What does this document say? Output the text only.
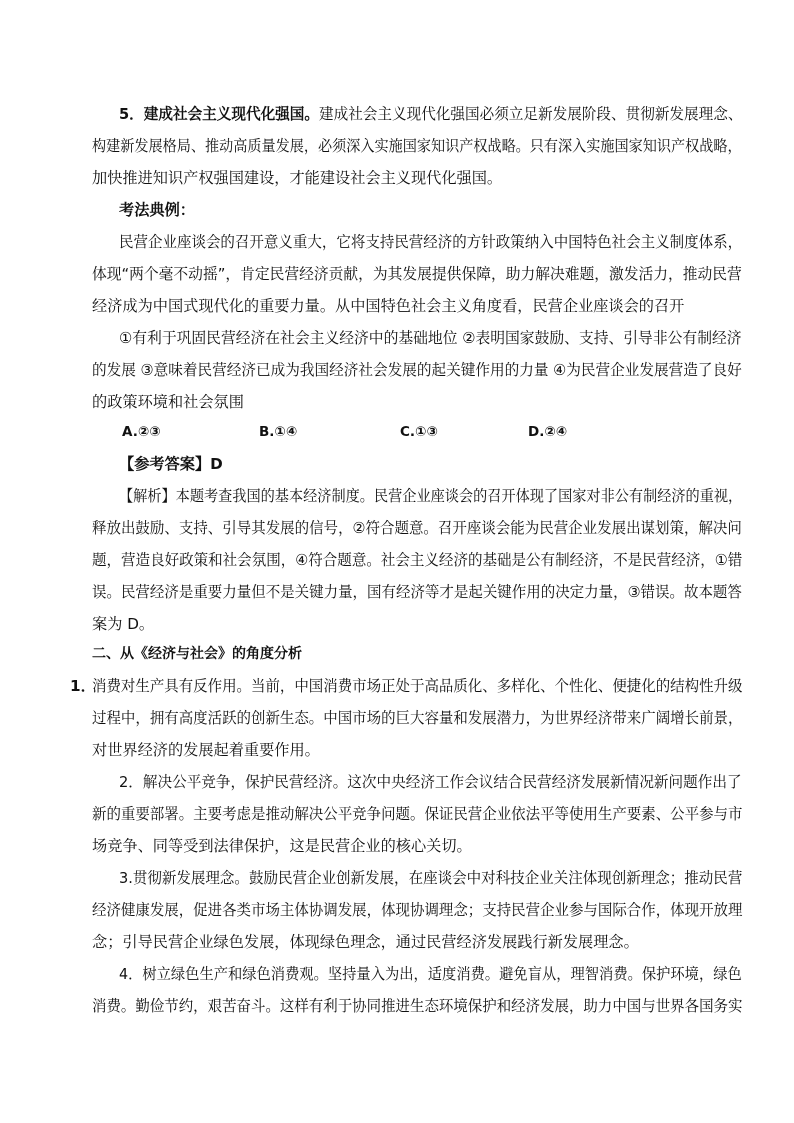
5．建成社会主义现代化强国。建成社会主义现代化强国必须立足新发展阶段、贯彻新发展理念、
构建新发展格局、推动高质量发展，必须深入实施国家知识产权战略。只有深入实施国家知识产权战略，
加快推进知识产权强国建设，才能建设社会主义现代化强国。
考法典例：
民营企业座谈会的召开意义重大，它将支持民营经济的方针政策纳入中国特色社会主义制度体系，
体现“两个毫不动摇”，肯定民营经济贡献，为其发展提供保障，助力解决难题，激发活力，推动民营
经济成为中国式现代化的重要力量。从中国特色社会主义角度看，民营企业座谈会的召开
①有利于巩固民营经济在社会主义经济中的基础地位 ②表明国家鼓励、支持、引导非公有制经济
的发展 ③意味着民营经济已成为我国经济社会发展的起关键作用的力量 ④为民营企业发展营造了良好
的政策环境和社会氛围
A.②③	B.①④	C.①③	D.②④
【参考答案】D
【解析】本题考查我国的基本经济制度。民营企业座谈会的召开体现了国家对非公有制经济的重视，
释放出鼓励、支持、引导其发展的信号，②符合题意。召开座谈会能为民营企业发展出谋划策，解决问
题，营造良好政策和社会氛围，④符合题意。社会主义经济的基础是公有制经济，不是民营经济，①错
误。民营经济是重要力量但不是关键力量，国有经济等才是起关键作用的决定力量，③错误。故本题答
案为 D。
二、从《经济与社会》的角度分析
1．
消费对生产具有反作用。当前，中国消费市场正处于高品质化、多样化、个性化、便捷化的结构性升级
过程中，拥有高度活跃的创新生态。中国市场的巨大容量和发展潜力，为世界经济带来广阔增长前景，
对世界经济的发展起着重要作用。
2．解决公平竞争，保护民营经济。这次中央经济工作会议结合民营经济发展新情况新问题作出了
新的重要部署。主要考虑是推动解决公平竞争问题。保证民营企业依法平等使用生产要素、公平参与市
场竞争、同等受到法律保护，这是民营企业的核心关切。
3.贯彻新发展理念。鼓励民营企业创新发展，在座谈会中对科技企业关注体现创新理念；推动民营
经济健康发展，促进各类市场主体协调发展，体现协调理念；支持民营企业参与国际合作，体现开放理
念；引导民营企业绿色发展，体现绿色理念，通过民营经济发展践行新发展理念。
4．树立绿色生产和绿色消费观。坚持量入为出，适度消费。避免盲从，理智消费。保护环境，绿色
消费。勤俭节约，艰苦奋斗。这样有利于协同推进生态环境保护和经济发展，助力中国与世界各国务实
